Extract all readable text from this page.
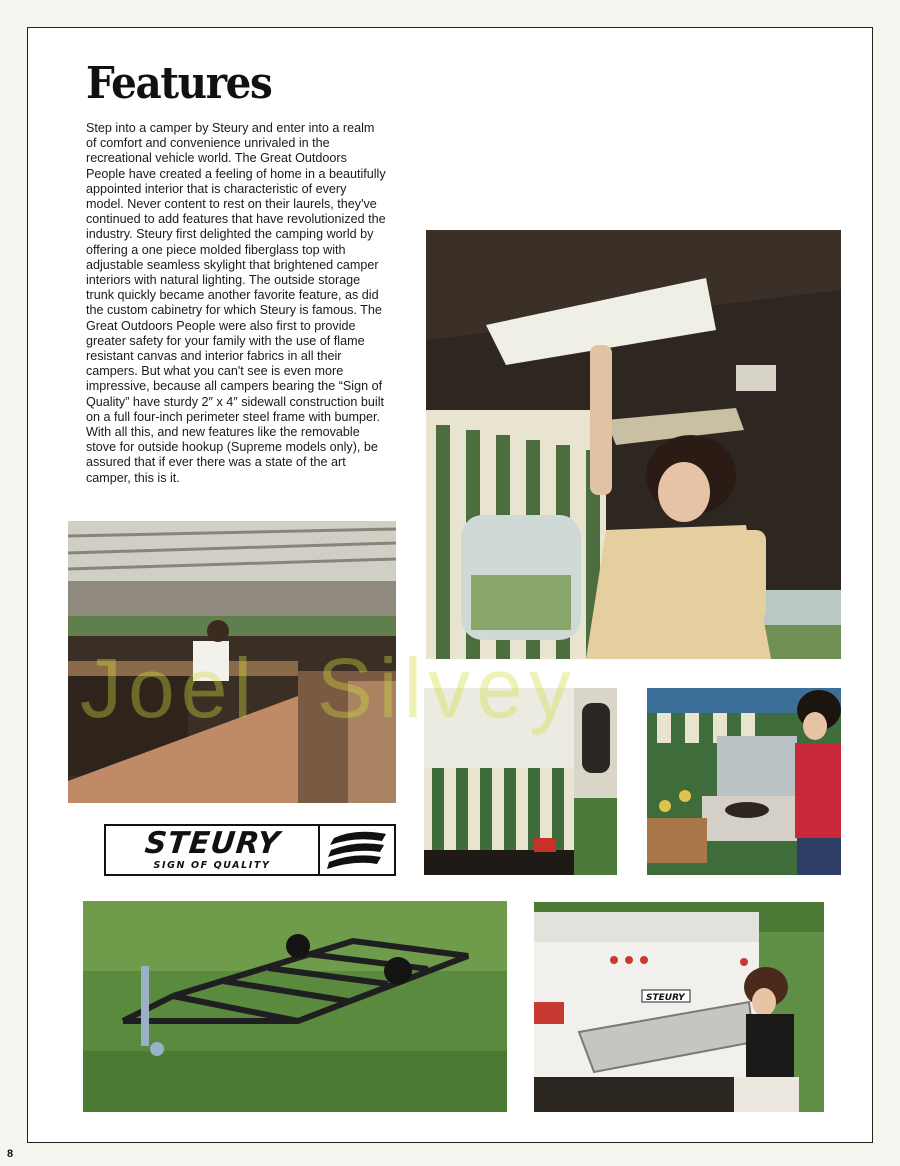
Features

Step into a camper by Steury and enter into a realm of comfort and convenience unrivaled in the recreational vehicle world. The Great Outdoors People have created a feeling of home in a beautifully appointed interior that is characteristic of every model. Never content to rest on their laurels, they've continued to add features that have revolutionized the industry. Steury first delighted the camping world by offering a one piece molded fiberglass top with adjustable seamless skylight that brightened camper interiors with natural lighting. The outside storage trunk quickly became another favorite feature, as did the custom cabinetry for which Steury is famous. The Great Outdoors People were also first to provide greater safety for your family with the use of flame resistant canvas and interior fabrics in all their campers. But what you can't see is even more impressive, because all campers bearing the “Sign of Quality” have sturdy 2″ x 4″ sidewall construction built on a full four-inch perimeter steel frame with bumper. With all this, and new features like the removable stove for outside hookup (Supreme models only), be assured that if ever there was a state of the art camper, this is it.

STEURY
SIGN OF QUALITY
STEURY
Joel  Silvey
8
